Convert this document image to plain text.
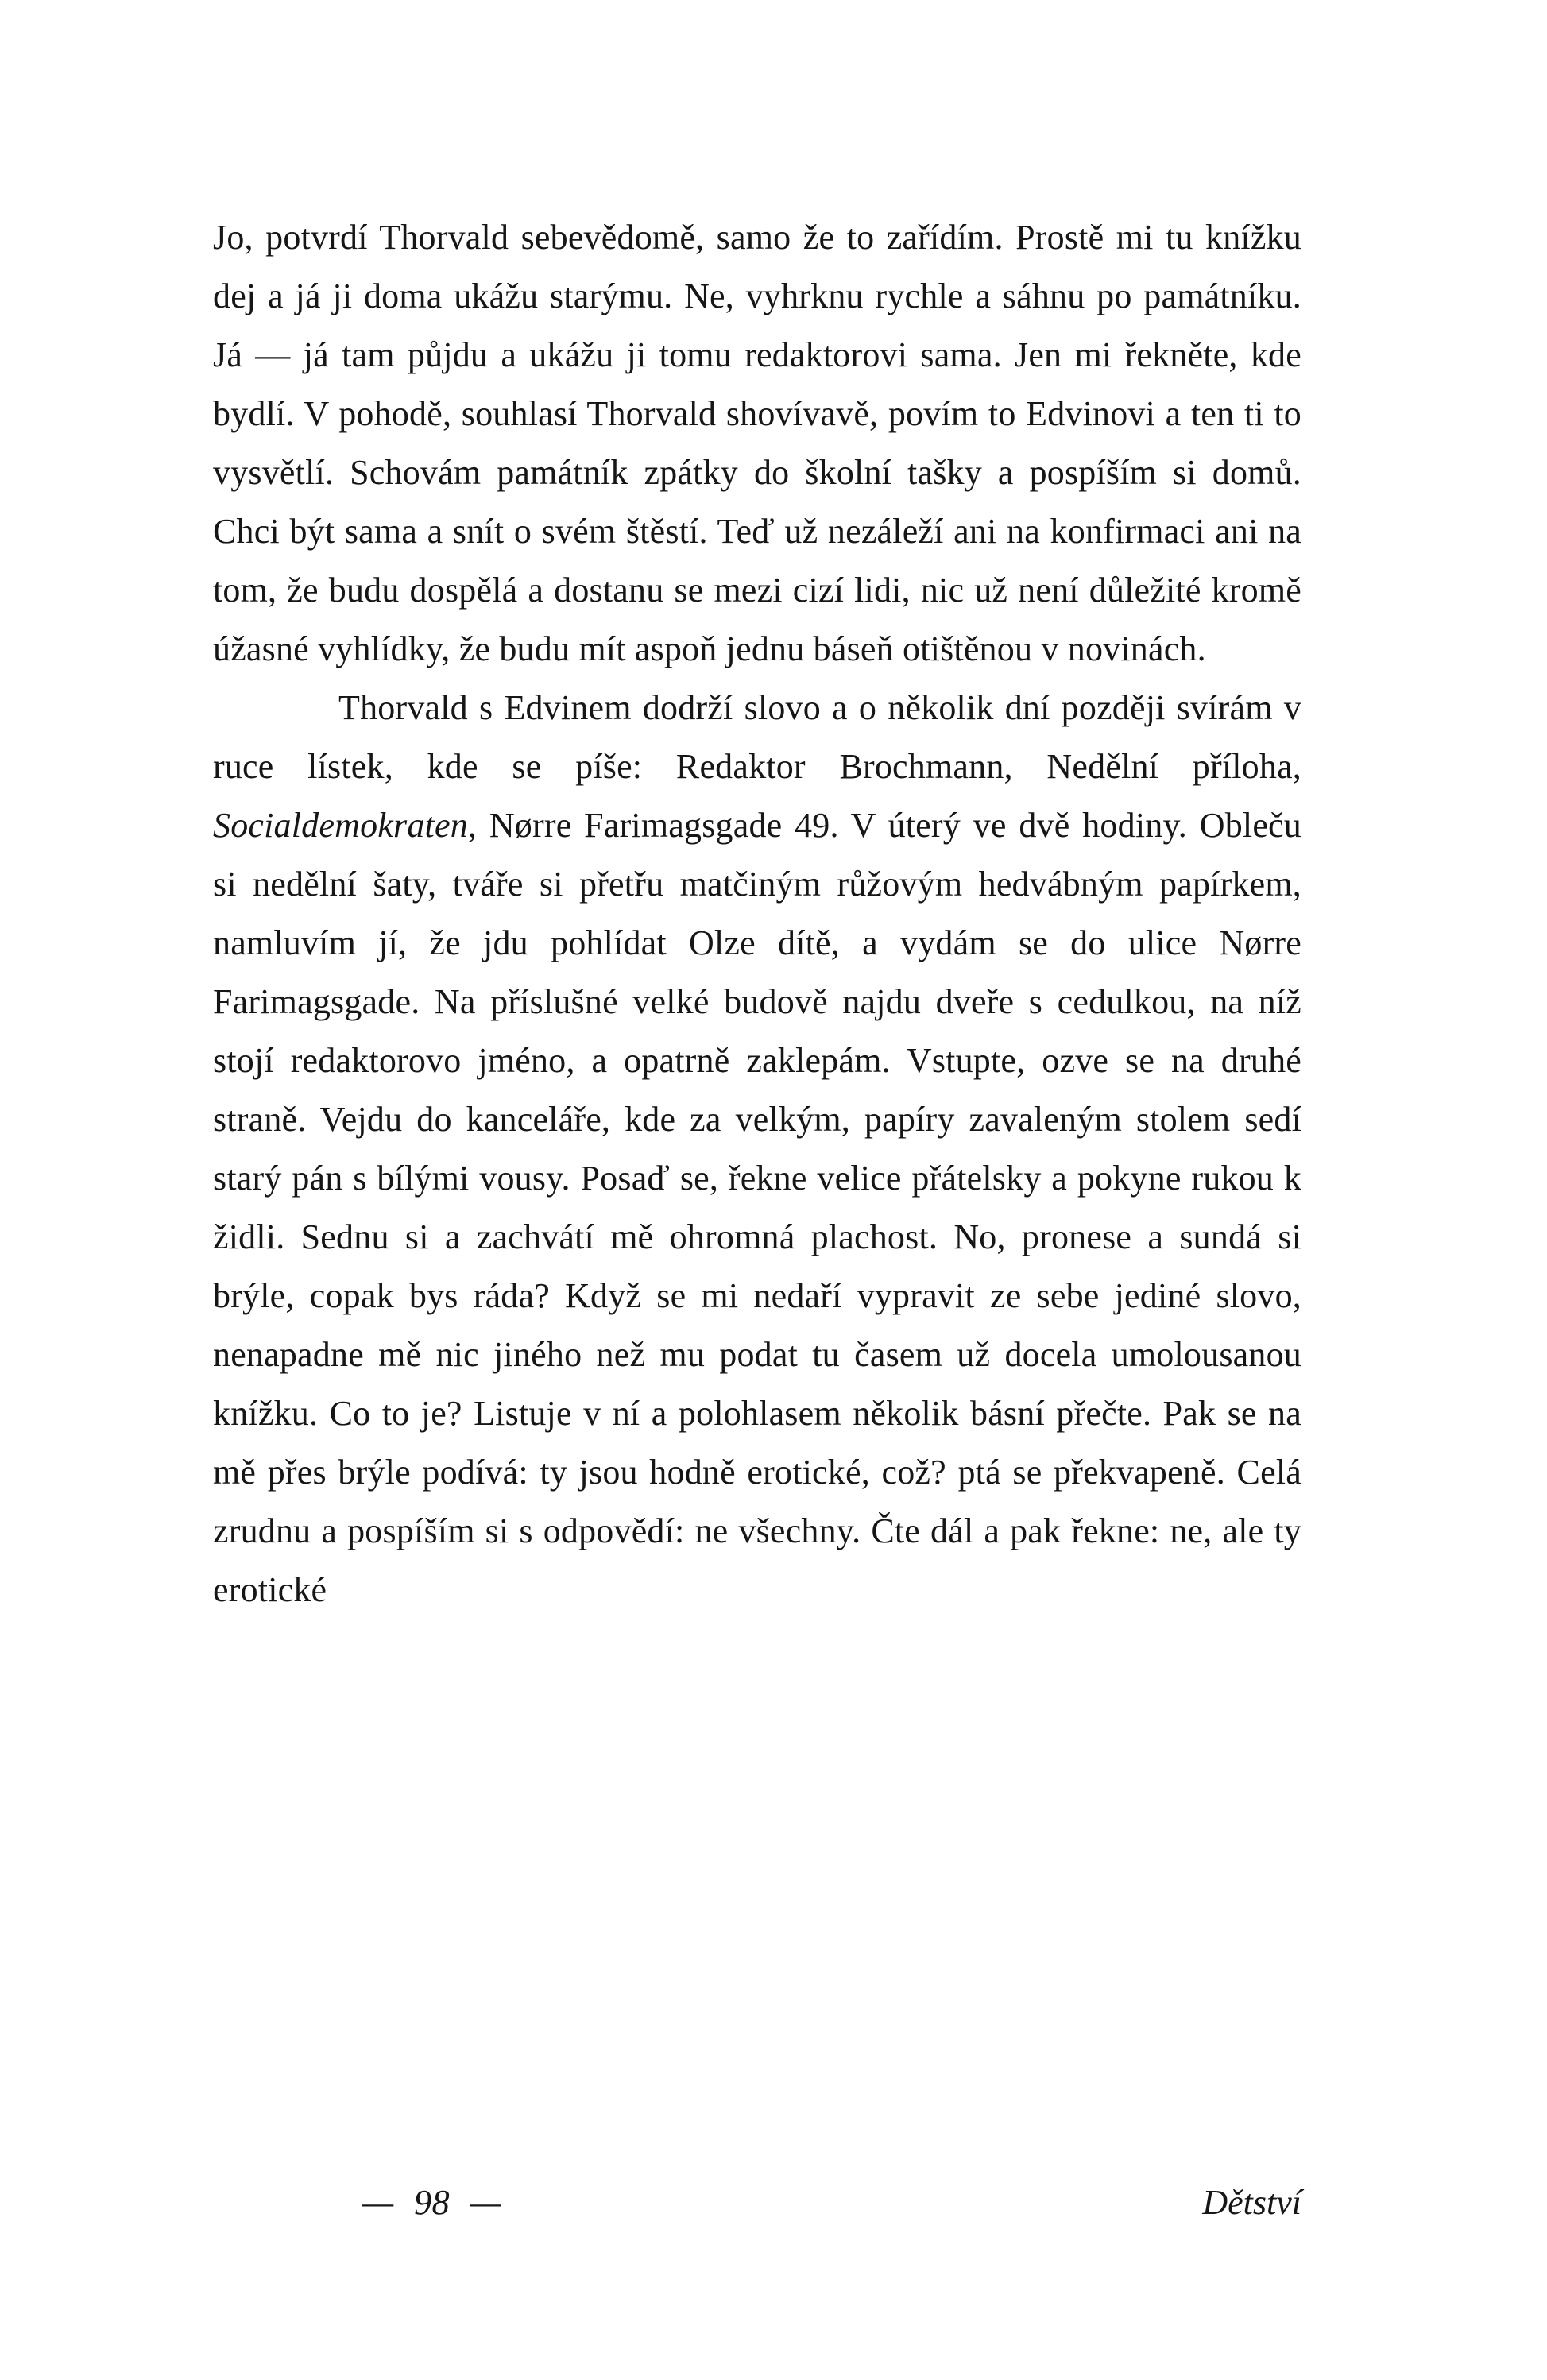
Jo, potvrdí Thorvald sebevědomě, samo že to zařídím. Prostě mi tu knížku dej a já ji doma ukážu starýmu. Ne, vyhrknu rychle a sáhnu po památníku. Já — já tam půjdu a ukážu ji tomu redaktorovi sama. Jen mi řekněte, kde bydlí. V pohodě, souhlasí Thorvald shovívavě, povím to Edvinovi a ten ti to vysvětlí. Schovám památník zpátky do školní tašky a pospíším si domů. Chci být sama a snít o svém štěstí. Teď už nezáleží ani na konfirmaci ani na tom, že budu dospělá a dostanu se mezi cizí lidi, nic už není důležité kromě úžasné vyhlídky, že budu mít aspoň jednu báseň otištěnou v novinách.

Thorvald s Edvinem dodrží slovo a o několik dní později svírám v ruce lístek, kde se píše: Redaktor Brochmann, Nedělní příloha, Socialdemokraten, Nørre Farimagsgade 49. V úterý ve dvě hodiny. Obleču si nedělní šaty, tváře si přetřu matčiným růžovým hedvábným papírkem, namluvím jí, že jdu pohlídat Olze dítě, a vydám se do ulice Nørre Farimagsgade. Na příslušné velké budově najdu dveře s cedulkou, na níž stojí redaktorovo jméno, a opatrně zaklepám. Vstupte, ozve se na druhé straně. Vejdu do kanceláře, kde za velkým, papíry zavaleným stolem sedí starý pán s bílými vousy. Posaď se, řekne velice přátelsky a pokyne rukou k židli. Sednu si a zachvátí mě ohromná plachost. No, pronese a sundá si brýle, copak bys ráda? Když se mi nedaří vypravit ze sebe jediné slovo, nenapadne mě nic jiného než mu podat tu časem už docela umolousanou knížku. Co to je? Listuje v ní a polohlasem několik básní přečte. Pak se na mě přes brýle podívá: ty jsou hodně erotické, což? ptá se překvapeně. Celá zrudnu a pospíším si s odpovědí: ne všechny. Čte dál a pak řekne: ne, ale ty erotické

— 98 —	Dětství
